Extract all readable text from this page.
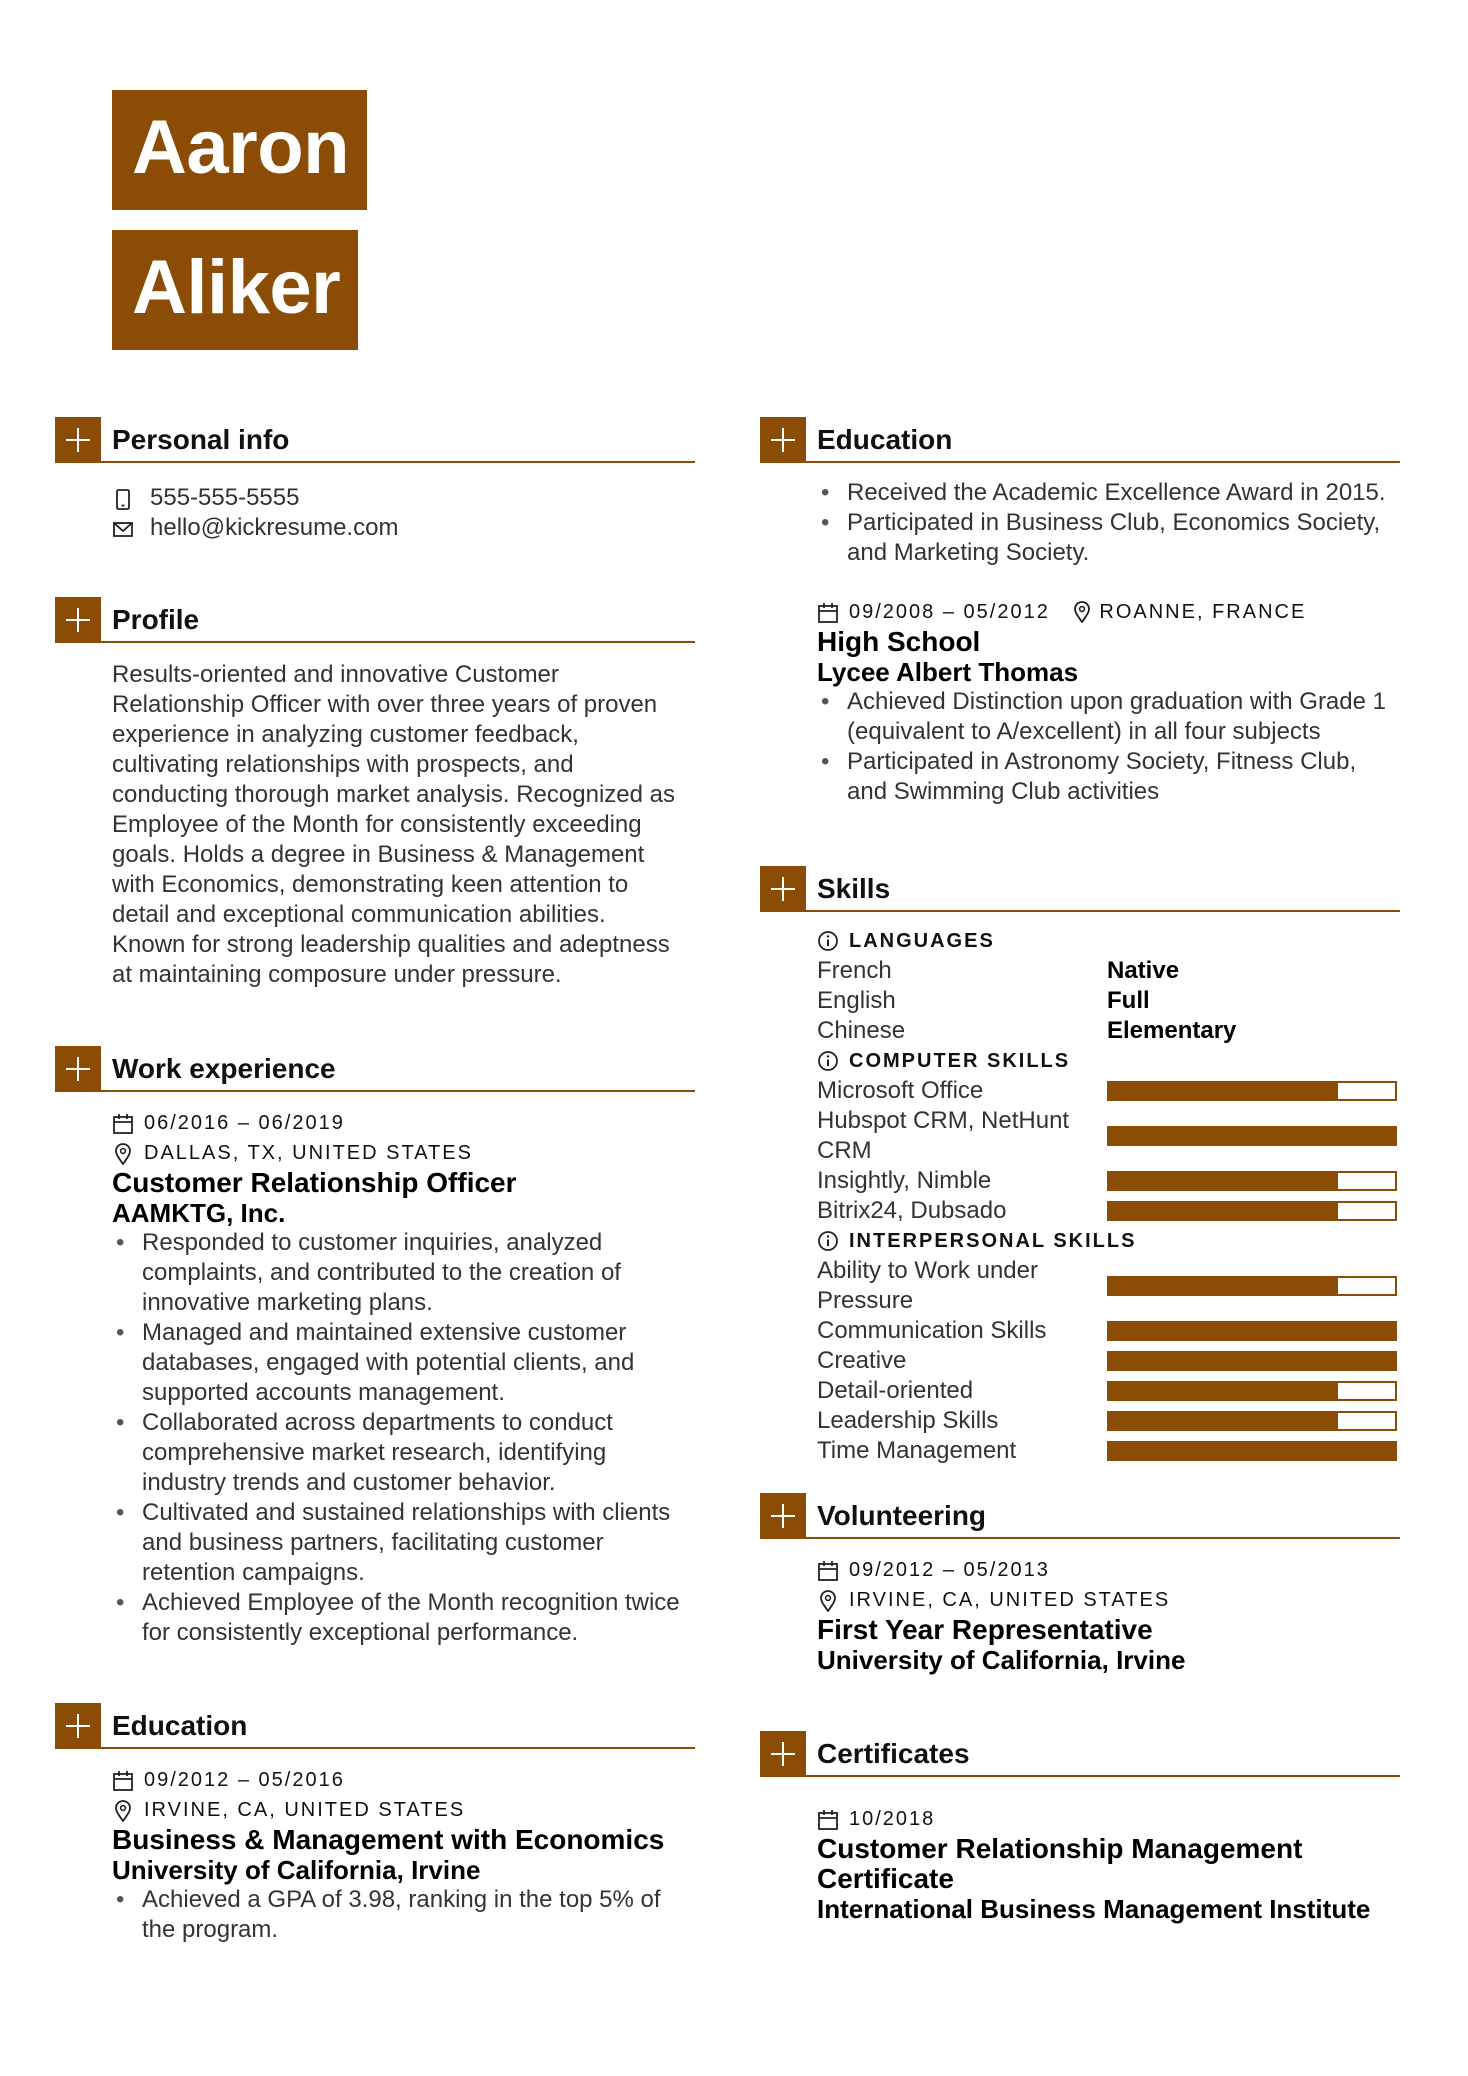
Aaron
Aliker
Personal info
555-555-5555
hello@kickresume.com
Profile
Results-oriented and innovative Customer
Relationship Officer with over three years of proven
experience in analyzing customer feedback,
cultivating relationships with prospects, and
conducting thorough market analysis. Recognized as
Employee of the Month for consistently exceeding
goals. Holds a degree in Business & Management
with Economics, demonstrating keen attention to
detail and exceptional communication abilities.
Known for strong leadership qualities and adeptness
at maintaining composure under pressure.
Work experience
06/2016 – 06/2019
DALLAS, TX, UNITED STATES
Customer Relationship Officer
AAMKTG, Inc.
• Responded to customer inquiries, analyzed
complaints, and contributed to the creation of
innovative marketing plans.
• Managed and maintained extensive customer
databases, engaged with potential clients, and
supported accounts management.
• Collaborated across departments to conduct
comprehensive market research, identifying
industry trends and customer behavior.
• Cultivated and sustained relationships with clients
and business partners, facilitating customer
retention campaigns.
• Achieved Employee of the Month recognition twice
for consistently exceptional performance.
Education
09/2012 – 05/2016
IRVINE, CA, UNITED STATES
Business & Management with Economics
University of California, Irvine
• Achieved a GPA of 3.98, ranking in the top 5% of
the program.
Education
• Received the Academic Excellence Award in 2015.
• Participated in Business Club, Economics Society,
and Marketing Society.
09/2008 – 05/2012 ROANNE, FRANCE
High School
Lycee Albert Thomas
• Achieved Distinction upon graduation with Grade 1
(equivalent to A/excellent) in all four subjects
• Participated in Astronomy Society, Fitness Club,
and Swimming Club activities
Skills
LANGUAGES
French	Native
English	Full
Chinese	Elementary
COMPUTER SKILLS
Microsoft Office
Hubspot CRM, NetHunt
CRM
Insightly, Nimble
Bitrix24, Dubsado
INTERPERSONAL SKILLS
Ability to Work under
Pressure
Communication Skills
Creative
Detail-oriented
Leadership Skills
Time Management
Volunteering
09/2012 – 05/2013
IRVINE, CA, UNITED STATES
First Year Representative
University of California, Irvine
Certificates
10/2018
Customer Relationship Management
Certificate
International Business Management Institute
